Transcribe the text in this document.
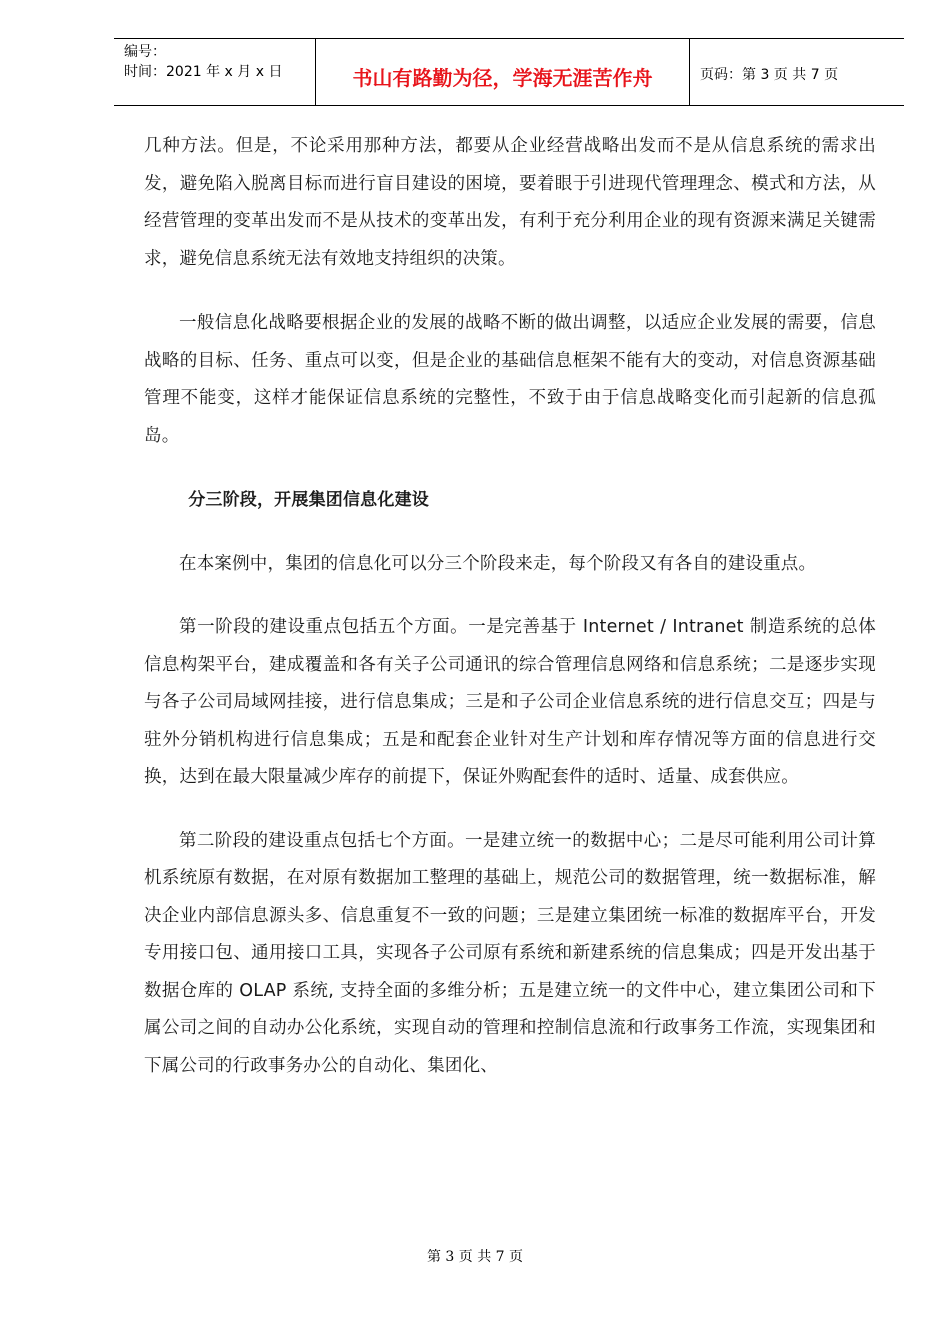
编号：
时间：2021 年 x 月 x 日	书山有路勤为径，学海无涯苦作舟	页码：第 3 页 共 7 页

几种方法。但是，不论采用那种方法，都要从企业经营战略出发而不是从信息系统的需求出发，避免陷入脱离目标而进行盲目建设的困境，要着眼于引进现代管理理念、模式和方法，从经营管理的变革出发而不是从技术的变革出发，有利于充分利用企业的现有资源来满足关键需求，避免信息系统无法有效地支持组织的决策。

一般信息化战略要根据企业的发展的战略不断的做出调整，以适应企业发展的需要，信息战略的目标、任务、重点可以变，但是企业的基础信息框架不能有大的变动，对信息资源基础管理不能变，这样才能保证信息系统的完整性，不致于由于信息战略变化而引起新的信息孤岛。

分三阶段，开展集团信息化建设

在本案例中，集团的信息化可以分三个阶段来走，每个阶段又有各自的建设重点。

第一阶段的建设重点包括五个方面。一是完善基于 Internet / Intranet 制造系统的总体信息构架平台，建成覆盖和各有关子公司通讯的综合管理信息网络和信息系统；二是逐步实现与各子公司局域网挂接，进行信息集成；三是和子公司企业信息系统的进行信息交互；四是与驻外分销机构进行信息集成；五是和配套企业针对生产计划和库存情况等方面的信息进行交换，达到在最大限量减少库存的前提下，保证外购配套件的适时、适量、成套供应。

第二阶段的建设重点包括七个方面。一是建立统一的数据中心；二是尽可能利用公司计算机系统原有数据，在对原有数据加工整理的基础上，规范公司的数据管理，统一数据标准，解决企业内部信息源头多、信息重复不一致的问题；三是建立集团统一标准的数据库平台，开发专用接口包、通用接口工具，实现各子公司原有系统和新建系统的信息集成；四是开发出基于数据仓库的 OLAP 系统, 支持全面的多维分析；五是建立统一的文件中心，建立集团公司和下属公司之间的自动办公化系统，实现自动的管理和控制信息流和行政事务工作流，实现集团和下属公司的行政事务办公的自动化、集团化、

第 3 页 共 7 页
